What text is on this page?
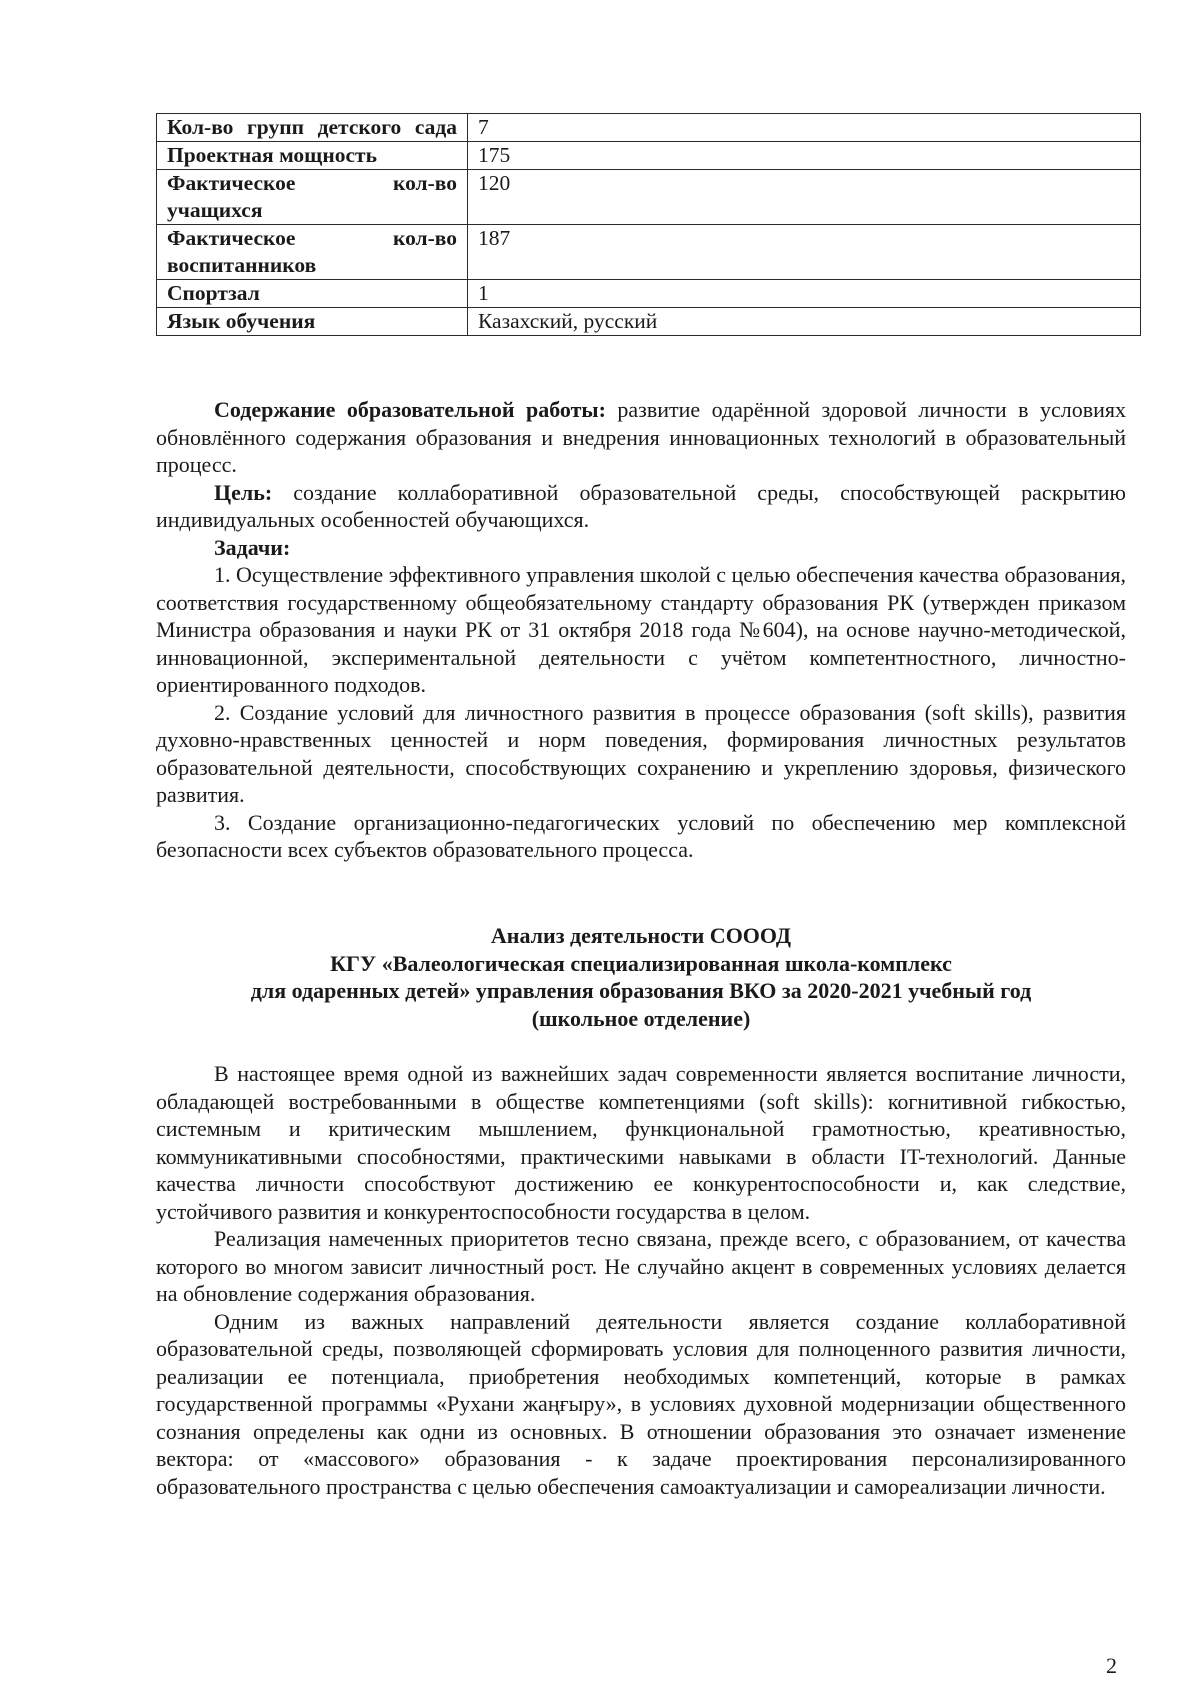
Кол-во групп детского сада	7
Проектная мощность	175
Фактическое кол-во учащихся	120
Фактическое кол-во воспитанников	187
Спортзал	1
Язык обучения	Казахский, русский

Содержание образовательной работы: развитие одарённой здоровой личности в условиях обновлённого содержания образования и внедрения инновационных технологий в образовательный процесс.

Цель: создание коллаборативной образовательной среды, способствующей раскрытию индивидуальных особенностей обучающихся.

Задачи:

1. Осуществление эффективного управления школой с целью обеспечения качества образования, соответствия государственному общеобязательному стандарту образования РК (утвержден приказом Министра образования и науки РК от 31 октября 2018 года №604), на основе научно-методической, инновационной, экспериментальной деятельности с учётом компетентностного, личностно-ориентированного подходов.

2. Создание условий для личностного развития в процессе образования (soft skills), развития духовно-нравственных ценностей и норм поведения, формирования личностных результатов образовательной деятельности, способствующих сохранению и укреплению здоровья, физического развития.

3. Создание организационно-педагогических условий по обеспечению мер комплексной безопасности всех субъектов образовательного процесса.

Анализ деятельности СОООД
КГУ «Валеологическая специализированная школа-комплекс
для одаренных детей» управления образования ВКО за 2020-2021 учебный год
(школьное отделение)

В настоящее время одной из важнейших задач современности является воспитание личности, обладающей востребованными в обществе компетенциями (soft skills): когнитивной гибкостью, системным и критическим мышлением, функциональной грамотностью, креативностью, коммуникативными способностями, практическими навыками в области IT-технологий. Данные качества личности способствуют достижению ее конкурентоспособности и, как следствие, устойчивого развития и конкурентоспособности государства в целом.

Реализация намеченных приоритетов тесно связана, прежде всего, с образованием, от качества которого во многом зависит личностный рост. Не случайно акцент в современных условиях делается на обновление содержания образования.

Одним из важных направлений деятельности является создание коллаборативной образовательной среды, позволяющей сформировать условия для полноценного развития личности, реализации ее потенциала, приобретения необходимых компетенций, которые в рамках государственной программы «Рухани жаңғыру», в условиях духовной модернизации общественного сознания определены как одни из основных. В отношении образования это означает изменение вектора: от «массового» образования - к задаче проектирования персонализированного образовательного пространства с целью обеспечения самоактуализации и самореализации личности.

2
